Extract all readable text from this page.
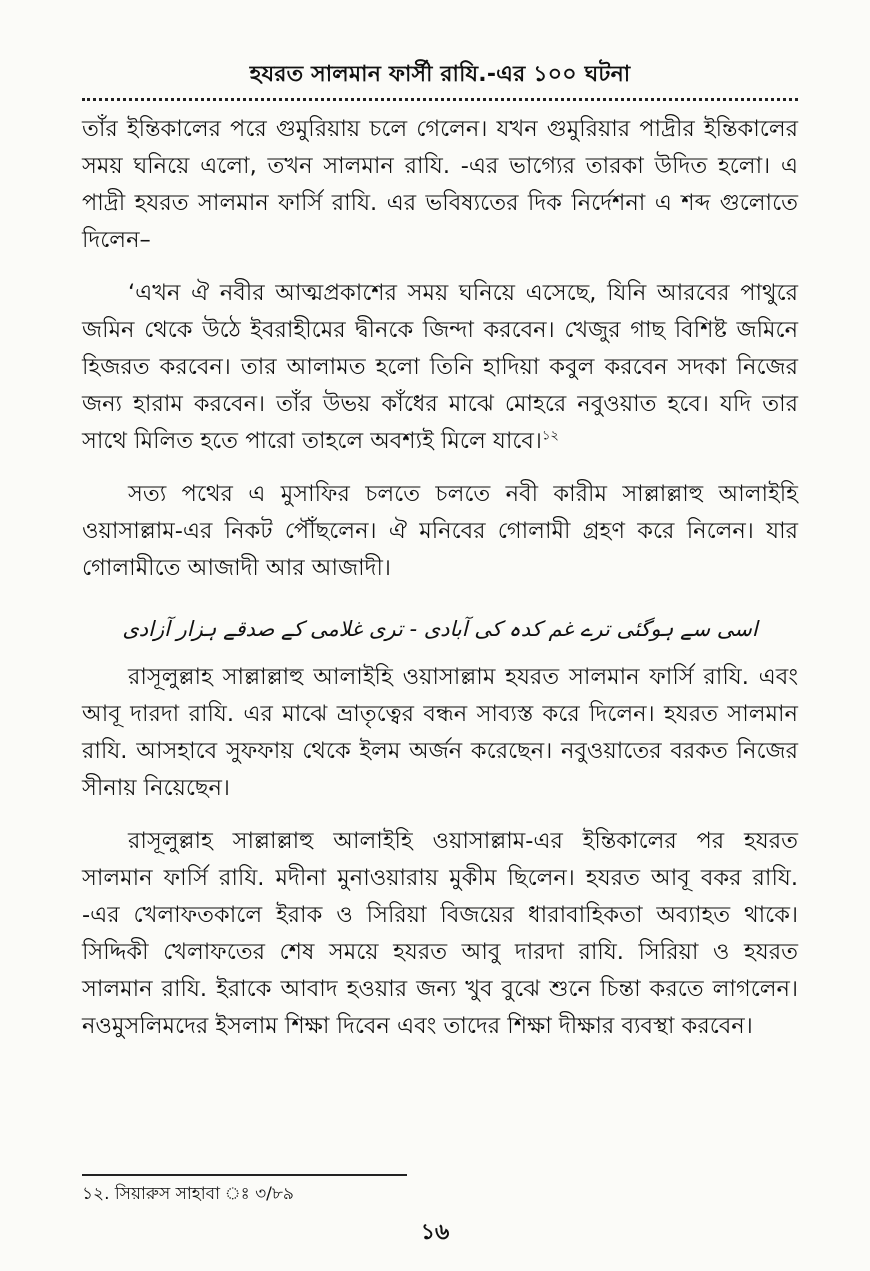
হযরত সালমান ফার্সী রাযি.-এর ১০০ ঘটনা

তাঁর ইন্তিকালের পরে গুমুরিয়ায় চলে গেলেন। যখন গুমুরিয়ার পাদ্রীর ইন্তিকালের সময় ঘনিয়ে এলো, তখন সালমান রাযি. -এর ভাগ্যের তারকা উদিত হলো। এ পাদ্রী হযরত সালমান ফার্সি রাযি. এর ভবিষ্যতের দিক নির্দেশনা এ শব্দ গুলোতে দিলেন–

‘এখন ঐ নবীর আত্মপ্রকাশের সময় ঘনিয়ে এসেছে, যিনি আরবের পাথুরে জমিন থেকে উঠে ইবরাহীমের দ্বীনকে জিন্দা করবেন। খেজুর গাছ বিশিষ্ট জমিনে হিজরত করবেন। তার আলামত হলো তিনি হাদিয়া কবুল করবেন সদকা নিজের জন্য হারাম করবেন। তাঁর উভয় কাঁধের মাঝে মোহরে নবুওয়াত হবে। যদি তার সাথে মিলিত হতে পারো তাহলে অবশ্যই মিলে যাবে।$^{১২}$

সত্য পথের এ মুসাফির চলতে চলতে নবী কারীম সাল্লাল্লাহু আলাইহি ওয়াসাল্লাম-এর নিকট পৌঁছলেন। ঐ মনিবের গোলামী গ্রহণ করে নিলেন। যার গোলামীতে আজাদী আর আজাদী।

اسی سے ہوگئی ترے غم کدہ کی آبادی - تری غلامی کے صدقے ہزار آزادی

রাসূলুল্লাহ সাল্লাল্লাহু আলাইহি ওয়াসাল্লাম হযরত সালমান ফার্সি রাযি. এবং আবূ দারদা রাযি. এর মাঝে ভ্রাতৃত্বের বন্ধন সাব্যস্ত করে দিলেন। হযরত সালমান রাযি. আসহাবে সুফফায় থেকে ইলম অর্জন করেছেন। নবুওয়াতের বরকত নিজের সীনায় নিয়েছেন।

রাসূলুল্লাহ সাল্লাল্লাহু আলাইহি ওয়াসাল্লাম-এর ইন্তিকালের পর হযরত সালমান ফার্সি রাযি. মদীনা মুনাওয়ারায় মুকীম ছিলেন। হযরত আবূ বকর রাযি. -এর খেলাফতকালে ইরাক ও সিরিয়া বিজয়ের ধারাবাহিকতা অব্যাহত থাকে। সিদ্দিকী খেলাফতের শেষ সময়ে হযরত আবু দারদা রাযি. সিরিয়া ও হযরত সালমান রাযি. ইরাকে আবাদ হওয়ার জন্য খুব বুঝে শুনে চিন্তা করতে লাগলেন। নওমুসলিমদের ইসলাম শিক্ষা দিবেন এবং তাদের শিক্ষা দীক্ষার ব্যবস্থা করবেন।

১২. সিয়ারুস সাহাবা ঃ ৩/৮৯
১৬
